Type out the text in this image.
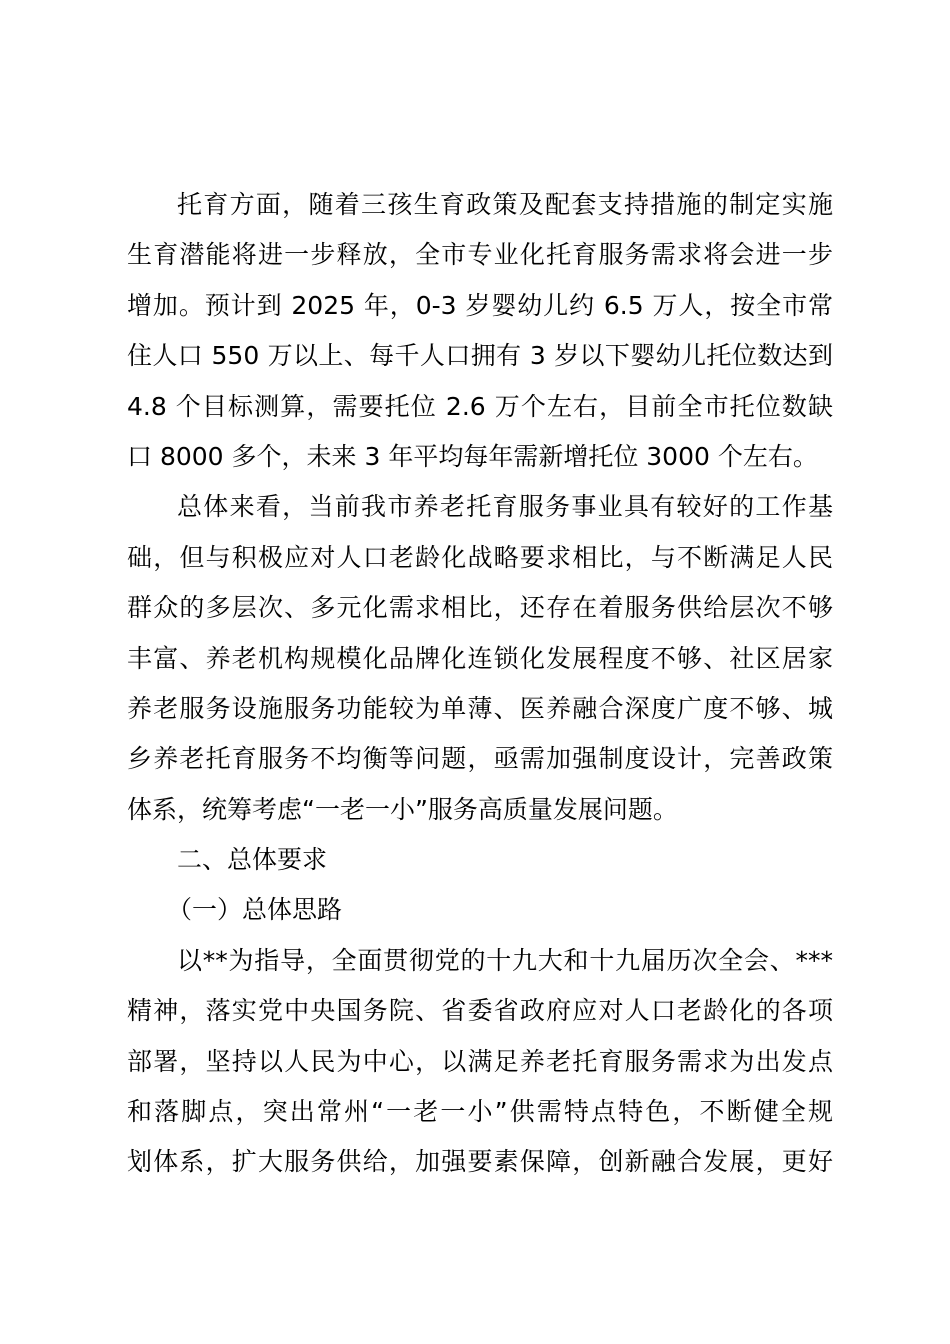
托育方面，随着三孩生育政策及配套支持措施的制定实施
生育潜能将进一步释放，全市专业化托育服务需求将会进一步
增加。预计到 2025 年，0-3 岁婴幼儿约 6.5 万人，按全市常
住人口 550 万以上、每千人口拥有 3 岁以下婴幼儿托位数达到
4.8 个目标测算，需要托位 2.6 万个左右，目前全市托位数缺
口 8000 多个，未来 3 年平均每年需新增托位 3000 个左右。
总体来看，当前我市养老托育服务事业具有较好的工作基
础，但与积极应对人口老龄化战略要求相比，与不断满足人民
群众的多层次、多元化需求相比，还存在着服务供给层次不够
丰富、养老机构规模化品牌化连锁化发展程度不够、社区居家
养老服务设施服务功能较为单薄、医养融合深度广度不够、城
乡养老托育服务不均衡等问题，亟需加强制度设计，完善政策
体系，统筹考虑“一老一小”服务高质量发展问题。
二、总体要求
（一）总体思路
以**为指导，全面贯彻党的十九大和十九届历次全会、***
精神，落实党中央国务院、省委省政府应对人口老龄化的各项
部署，坚持以人民为中心，以满足养老托育服务需求为出发点
和落脚点，突出常州“一老一小”供需特点特色，不断健全规
划体系，扩大服务供给，加强要素保障，创新融合发展，更好
